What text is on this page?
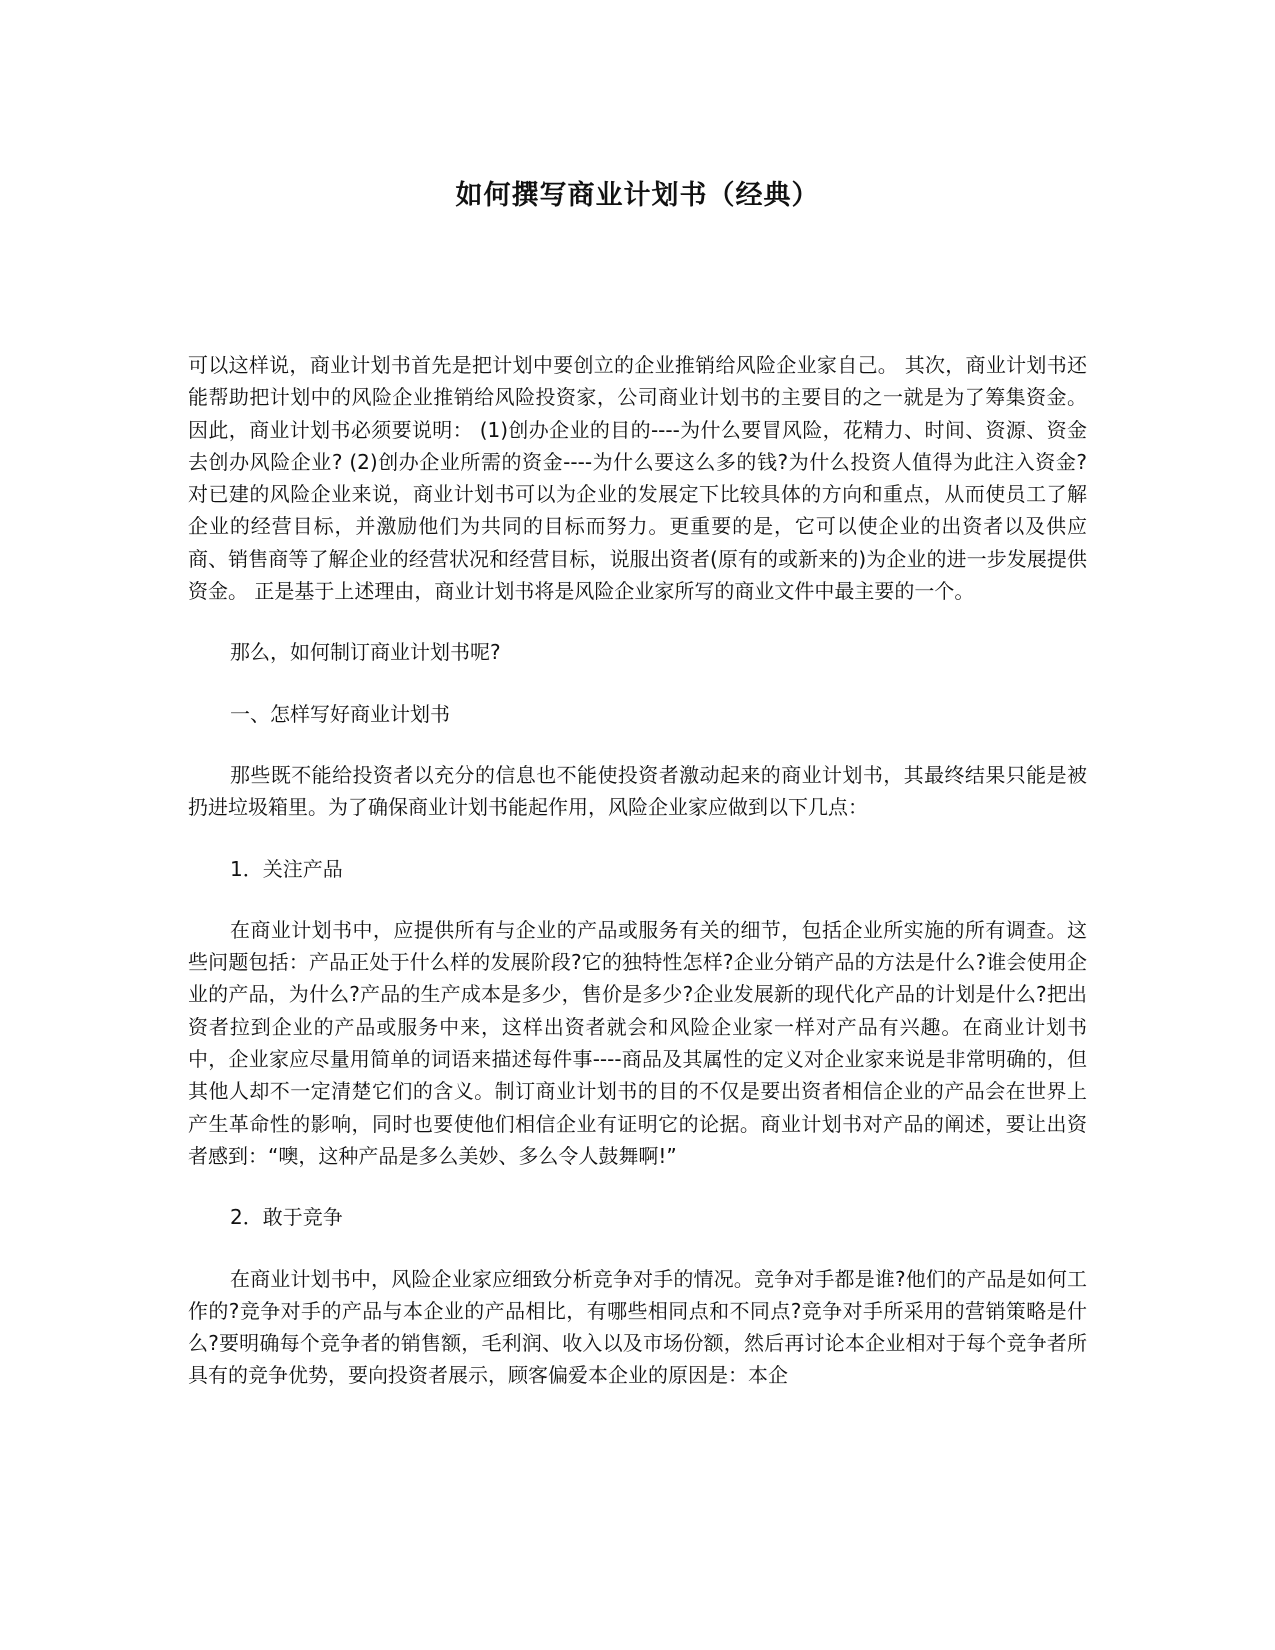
如何撰写商业计划书（经典）

可以这样说，商业计划书首先是把计划中要创立的企业推销给风险企业家自己。 其次，商业计划书还能帮助把计划中的风险企业推销给风险投资家，公司商业计划书的主要目的之一就是为了筹集资金。因此，商业计划书必须要说明： (1)创办企业的目的----为什么要冒风险，花精力、时间、资源、资金去创办风险企业? (2)创办企业所需的资金----为什么要这么多的钱?为什么投资人值得为此注入资金? 对已建的风险企业来说，商业计划书可以为企业的发展定下比较具体的方向和重点，从而使员工了解企业的经营目标，并激励他们为共同的目标而努力。更重要的是，它可以使企业的出资者以及供应商、销售商等了解企业的经营状况和经营目标，说服出资者(原有的或新来的)为企业的进一步发展提供资金。 正是基于上述理由，商业计划书将是风险企业家所写的商业文件中最主要的一个。

那么，如何制订商业计划书呢?

一、怎样写好商业计划书

那些既不能给投资者以充分的信息也不能使投资者激动起来的商业计划书，其最终结果只能是被扔进垃圾箱里。为了确保商业计划书能起作用，风险企业家应做到以下几点：

1．关注产品

在商业计划书中，应提供所有与企业的产品或服务有关的细节，包括企业所实施的所有调查。这些问题包括：产品正处于什么样的发展阶段?它的独特性怎样?企业分销产品的方法是什么?谁会使用企业的产品，为什么?产品的生产成本是多少，售价是多少?企业发展新的现代化产品的计划是什么?把出资者拉到企业的产品或服务中来，这样出资者就会和风险企业家一样对产品有兴趣。在商业计划书中，企业家应尽量用简单的词语来描述每件事----商品及其属性的定义对企业家来说是非常明确的，但其他人却不一定清楚它们的含义。制订商业计划书的目的不仅是要出资者相信企业的产品会在世界上产生革命性的影响，同时也要使他们相信企业有证明它的论据。商业计划书对产品的阐述，要让出资者感到：“噢，这种产品是多么美妙、多么令人鼓舞啊!”

2．敢于竞争

在商业计划书中，风险企业家应细致分析竞争对手的情况。竞争对手都是谁?他们的产品是如何工作的?竞争对手的产品与本企业的产品相比，有哪些相同点和不同点?竞争对手所采用的营销策略是什么?要明确每个竞争者的销售额，毛利润、收入以及市场份额，然后再讨论本企业相对于每个竞争者所具有的竞争优势，要向投资者展示，顾客偏爱本企业的原因是：本企
